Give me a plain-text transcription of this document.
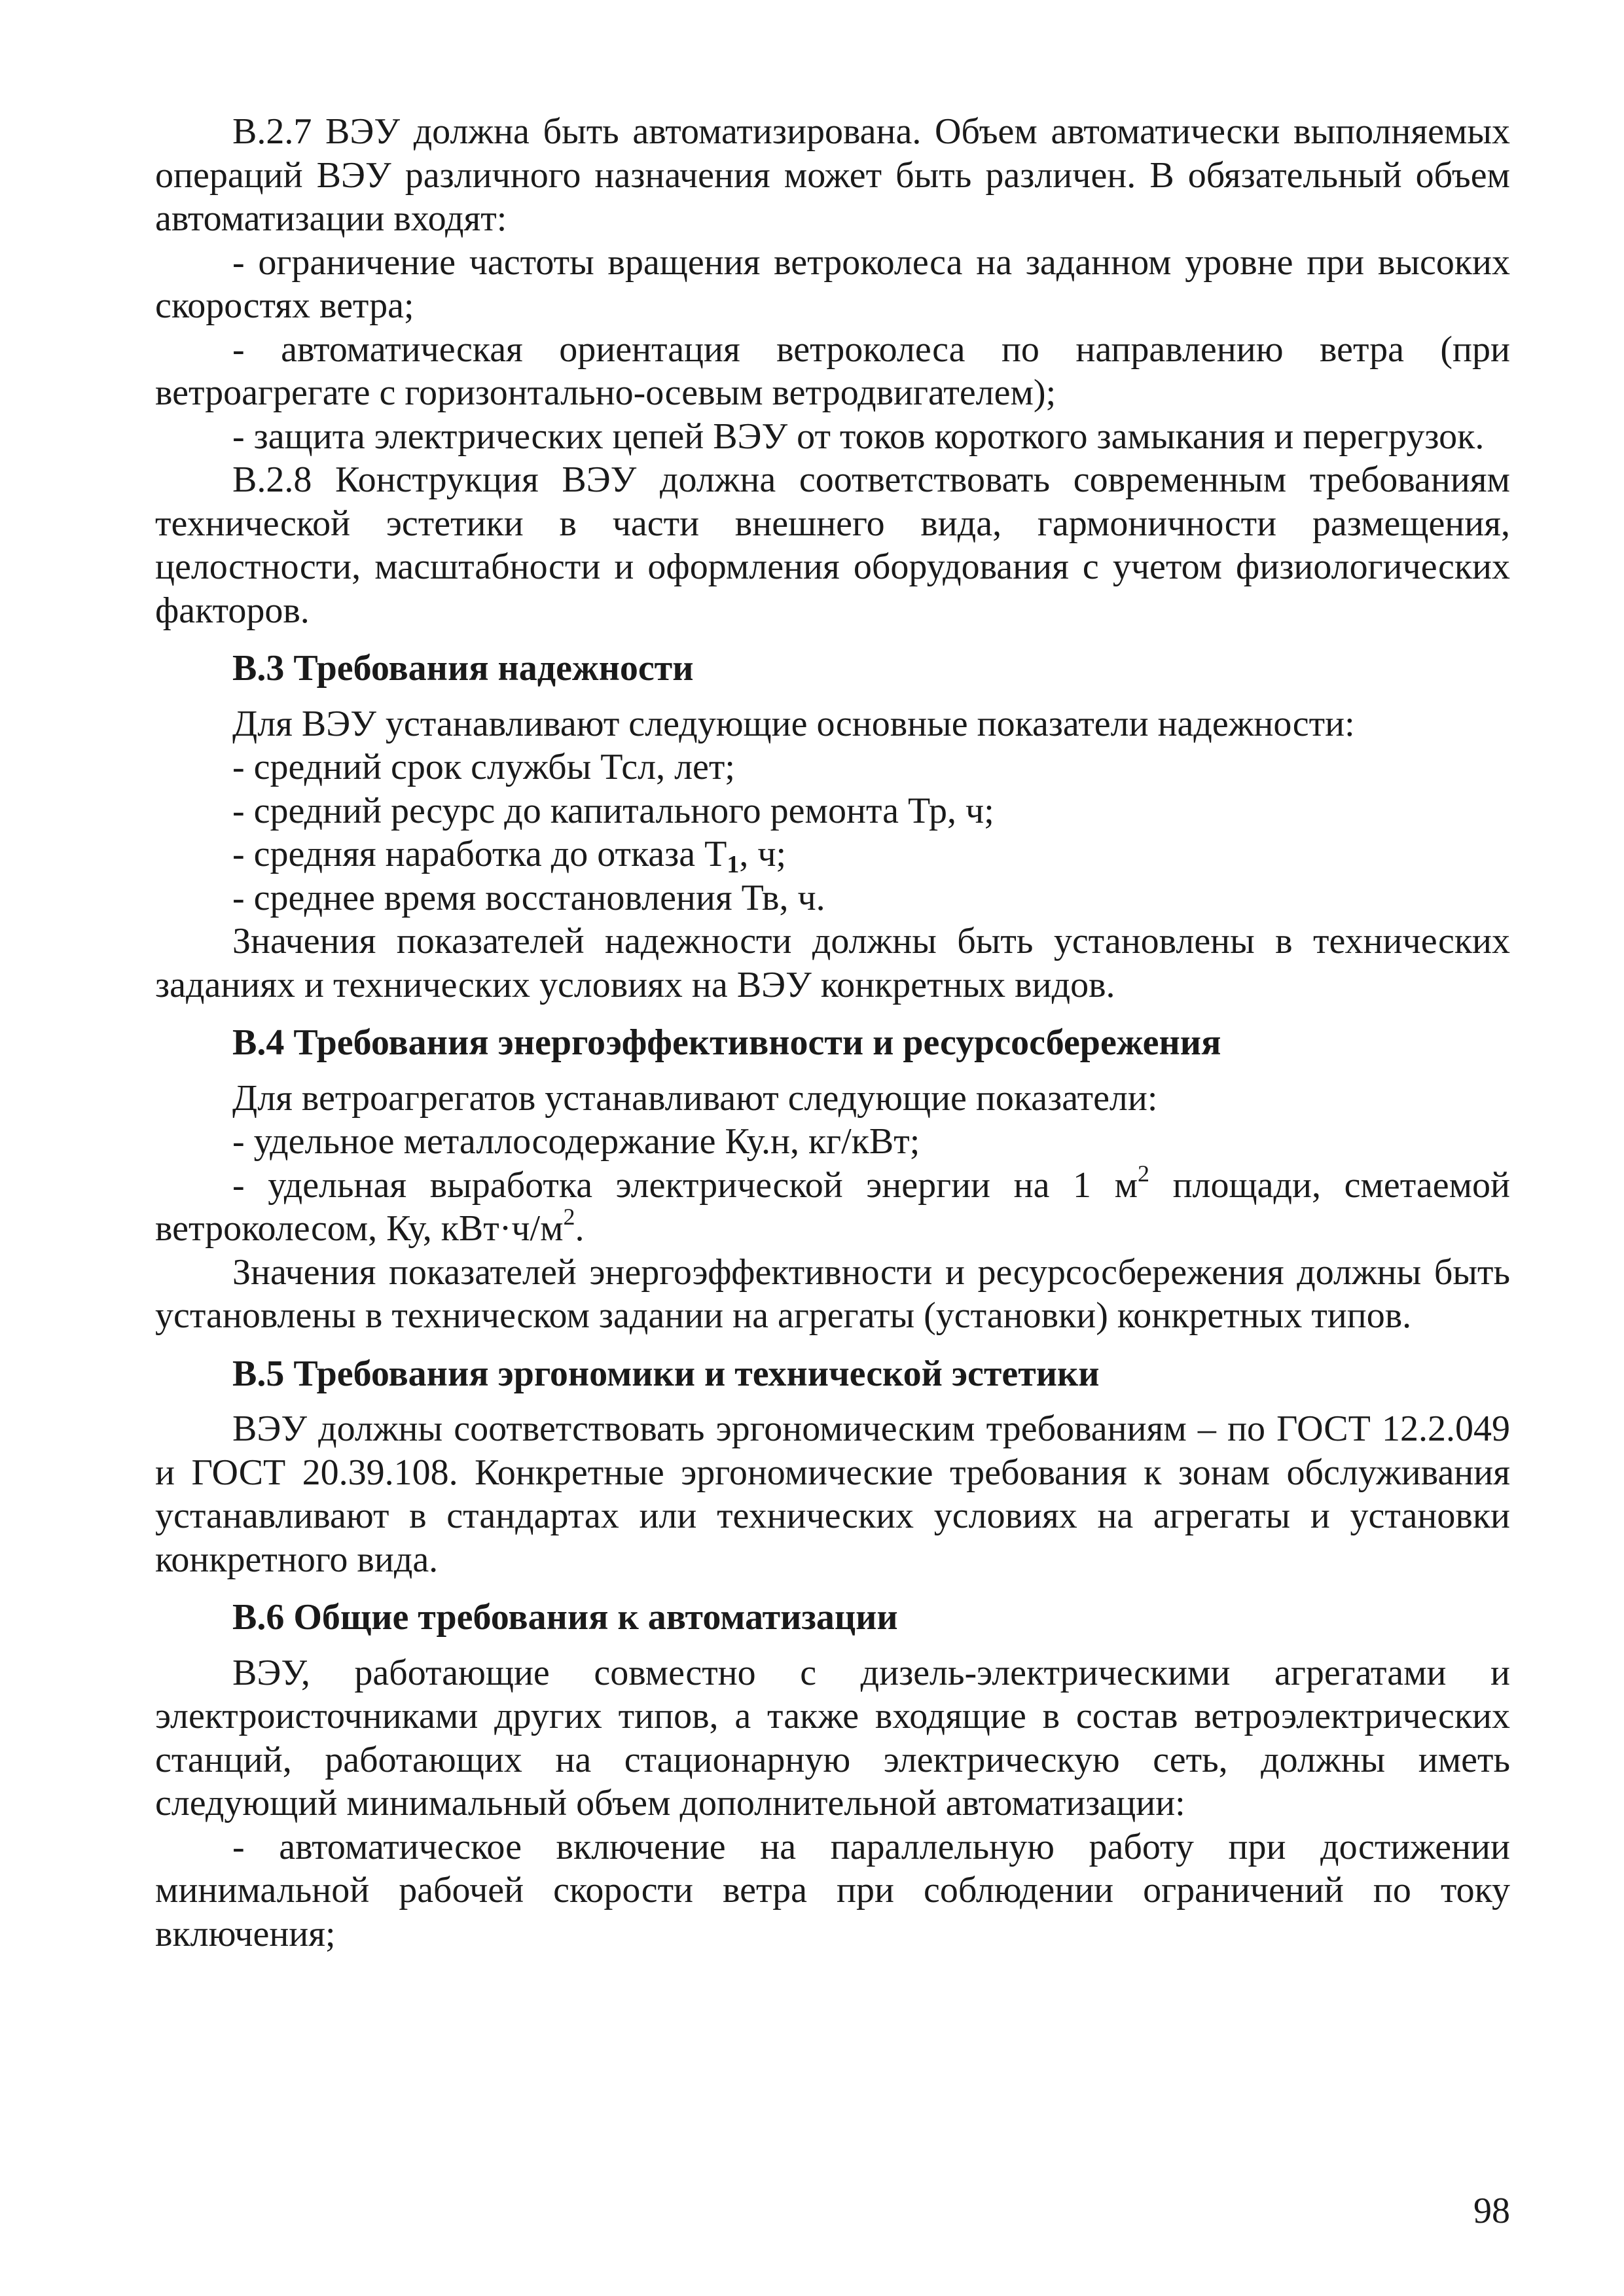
В.2.7 ВЭУ должна быть автоматизирована. Объем автоматически выполняемых операций ВЭУ различного назначения может быть различен. В обязательный объем автоматизации входят:

- ограничение частоты вращения ветроколеса на заданном уровне при высоких скоростях ветра;

- автоматическая ориентация ветроколеса по направлению ветра (при ветроагрегате с горизонтально-осевым ветродвигателем);

- защита электрических цепей ВЭУ от токов короткого замыкания и перегрузок.

В.2.8 Конструкция ВЭУ должна соответствовать современным требованиям технической эстетики в части внешнего вида, гармоничности размещения, целостности, масштабности и оформления оборудования с учетом физиологических факторов.

В.3 Требования надежности

Для ВЭУ устанавливают следующие основные показатели надежности:

- средний срок службы Тсл, лет;

- средний ресурс до капитального ремонта Тр, ч;

- средняя наработка до отказа Т1, ч;

- среднее время восстановления Тв, ч.

Значения показателей надежности должны быть установлены в технических заданиях и технических условиях на ВЭУ конкретных видов.

В.4 Требования энергоэффективности и ресурсосбережения

Для ветроагрегатов устанавливают следующие показатели:

- удельное металлосодержание Ку.н, кг/кВт;

- удельная выработка электрической энергии на 1 $м^2$ площади, сметаемой ветроколесом, Ку, $кВт\cdot ч/м^2$.

Значения показателей энергоэффективности и ресурсосбережения должны быть установлены в техническом задании на агрегаты (установки) конкретных типов.

В.5 Требования эргономики и технической эстетики

ВЭУ должны соответствовать эргономическим требованиям – по ГОСТ 12.2.049 и ГОСТ 20.39.108. Конкретные эргономические требования к зонам обслуживания устанавливают в стандартах или технических условиях на агрегаты и установки конкретного вида.

В.6 Общие требования к автоматизации

ВЭУ, работающие совместно с дизель-электрическими агрегатами и электроисточниками других типов, а также входящие в состав ветроэлектрических станций, работающих на стационарную электрическую сеть, должны иметь следующий минимальный объем дополнительной автоматизации:

- автоматическое включение на параллельную работу при достижении минимальной рабочей скорости ветра при соблюдении ограничений по току включения;

98
